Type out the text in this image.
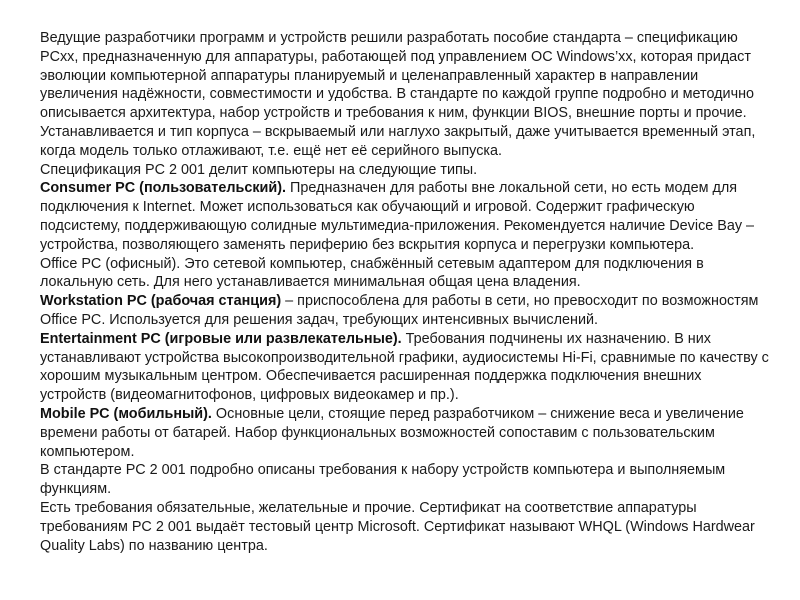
Ведущие разработчики программ и устройств решили разработать пособие стандарта – спецификацию PCxx, предназначенную для аппаратуры, работающей под управлением ОС Windows’xx, которая придаст эволюции компьютерной аппаратуры планируемый и целенаправленный характер в направлении увеличения надёжности, совместимости и удобства. В стандарте по каждой группе подробно и методично описывается архитектура, набор устройств и требования к ним, функции BIOS, внешние порты и прочие. Устанавливается и тип корпуса – вскрываемый или наглухо закрытый, даже учитывается временный этап, когда модель только отлаживают, т.е. ещё нет её серийного выпуска.

Спецификация PC 2 001 делит компьютеры на следующие типы.

Consumer PC (пользовательский). Предназначен для работы вне локальной сети, но есть модем для подключения к Internet. Может использоваться как обучающий и игровой. Содержит графическую подсистему, поддерживающую солидные мультимедиа-приложения. Рекомендуется наличие Device Bay – устройства, позволяющего заменять периферию без вскрытия корпуса и перегрузки компьютера.

Office PC (офисный). Это сетевой компьютер, снабжённый сетевым адаптером для подключения в локальную сеть. Для него устанавливается минимальная общая цена владения.

Workstation PC (рабочая станция) – приспособлена для работы в сети, но превосходит по возможностям Office PC. Используется для решения задач, требующих интенсивных вычислений.

Entertainment PC (игровые или развлекательные). Требования подчинены их назначению. В них устанавливают устройства высокопроизводительной графики, аудиосистемы Hi-Fi, сравнимые по качеству с хорошим музыкальным центром. Обеспечивается расширенная поддержка подключения внешних устройств (видеомагнитофонов, цифровых видеокамер и пр.).

Mobile PC (мобильный). Основные цели, стоящие перед разработчиком – снижение веса и увеличение времени работы от батарей. Набор функциональных возможностей сопоставим с пользовательским компьютером.

В стандарте PC 2 001 подробно описаны требования к набору устройств компьютера и выполняемым функциям.

Есть требования обязательные, желательные и прочие. Сертификат на соответствие аппаратуры требованиям PC 2 001 выдаёт тестовый центр Microsoft. Сертификат называют WHQL (Windows Hardwear Quality Labs) по названию центра.
